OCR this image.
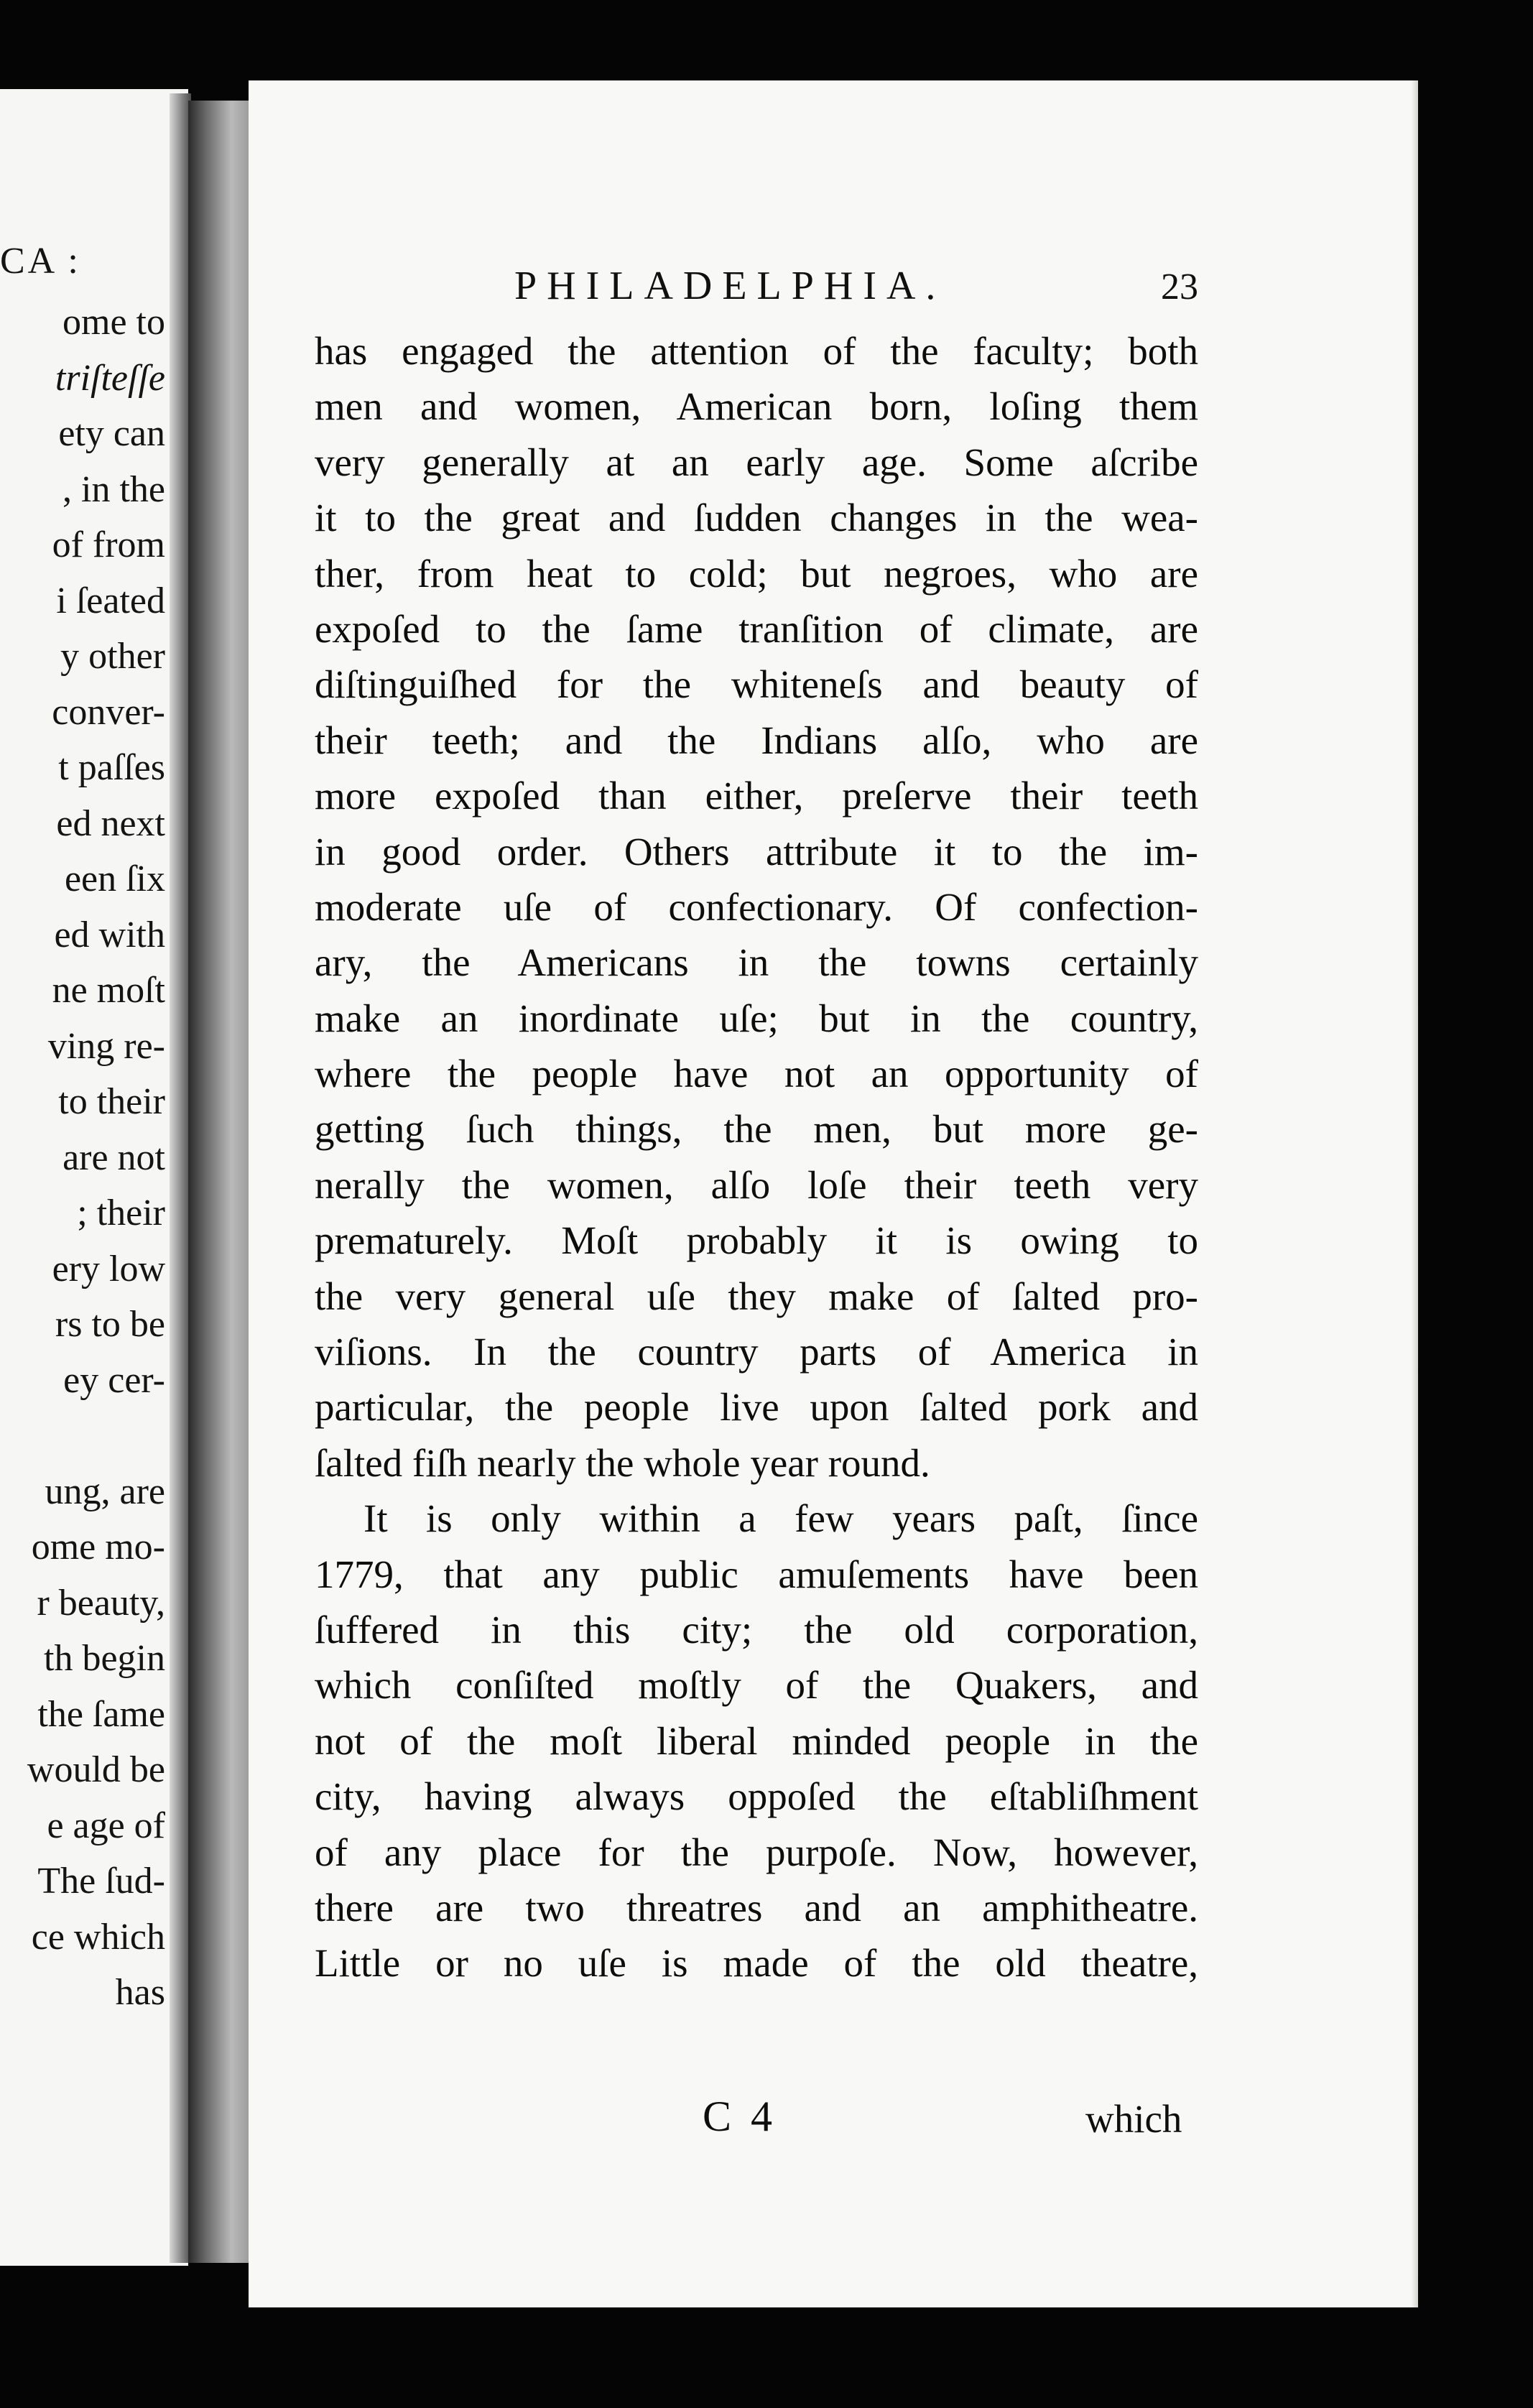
CA :
ome to
triſteſſe
ety can
, in the
of from
i ſeated
y other
conver-
t paſſes
ed next
een ſix
ed with
ne moſt
ving re-
to their
are not
; their
ery low
rs to be
ey cer-

ung, are
ome mo-
r beauty,
th begin
the ſame
would be
e age of
The ſud-
ce which
has
PHILADELPHIA.	23
has engaged the attention of the faculty; both
men and women, American born, loſing them
very generally at an early age. Some aſcribe
it to the great and ſudden changes in the wea-
ther, from heat to cold; but negroes, who are
expoſed to the ſame tranſition of climate, are
diſtinguiſhed for the whiteneſs and beauty of
their teeth; and the Indians alſo, who are
more expoſed than either, preſerve their teeth
in good order. Others attribute it to the im-
moderate uſe of confectionary. Of confection-
ary, the Americans in the towns certainly
make an inordinate uſe; but in the country,
where the people have not an opportunity of
getting ſuch things, the men, but more ge-
nerally the women, alſo loſe their teeth very
prematurely. Moſt probably it is owing to
the very general uſe they make of ſalted pro-
viſions. In the country parts of America in
particular, the people live upon ſalted pork and
ſalted fiſh nearly the whole year round.
It is only within a few years paſt, ſince
1779, that any public amuſements have been
ſuffered in this city; the old corporation,
which conſiſted moſtly of the Quakers, and
not of the moſt liberal minded people in the
city, having always oppoſed the eſtabliſhment
of any place for the purpoſe. Now, however,
there are two threatres and an amphitheatre.
Little or no uſe is made of the old theatre,
C 4	which
